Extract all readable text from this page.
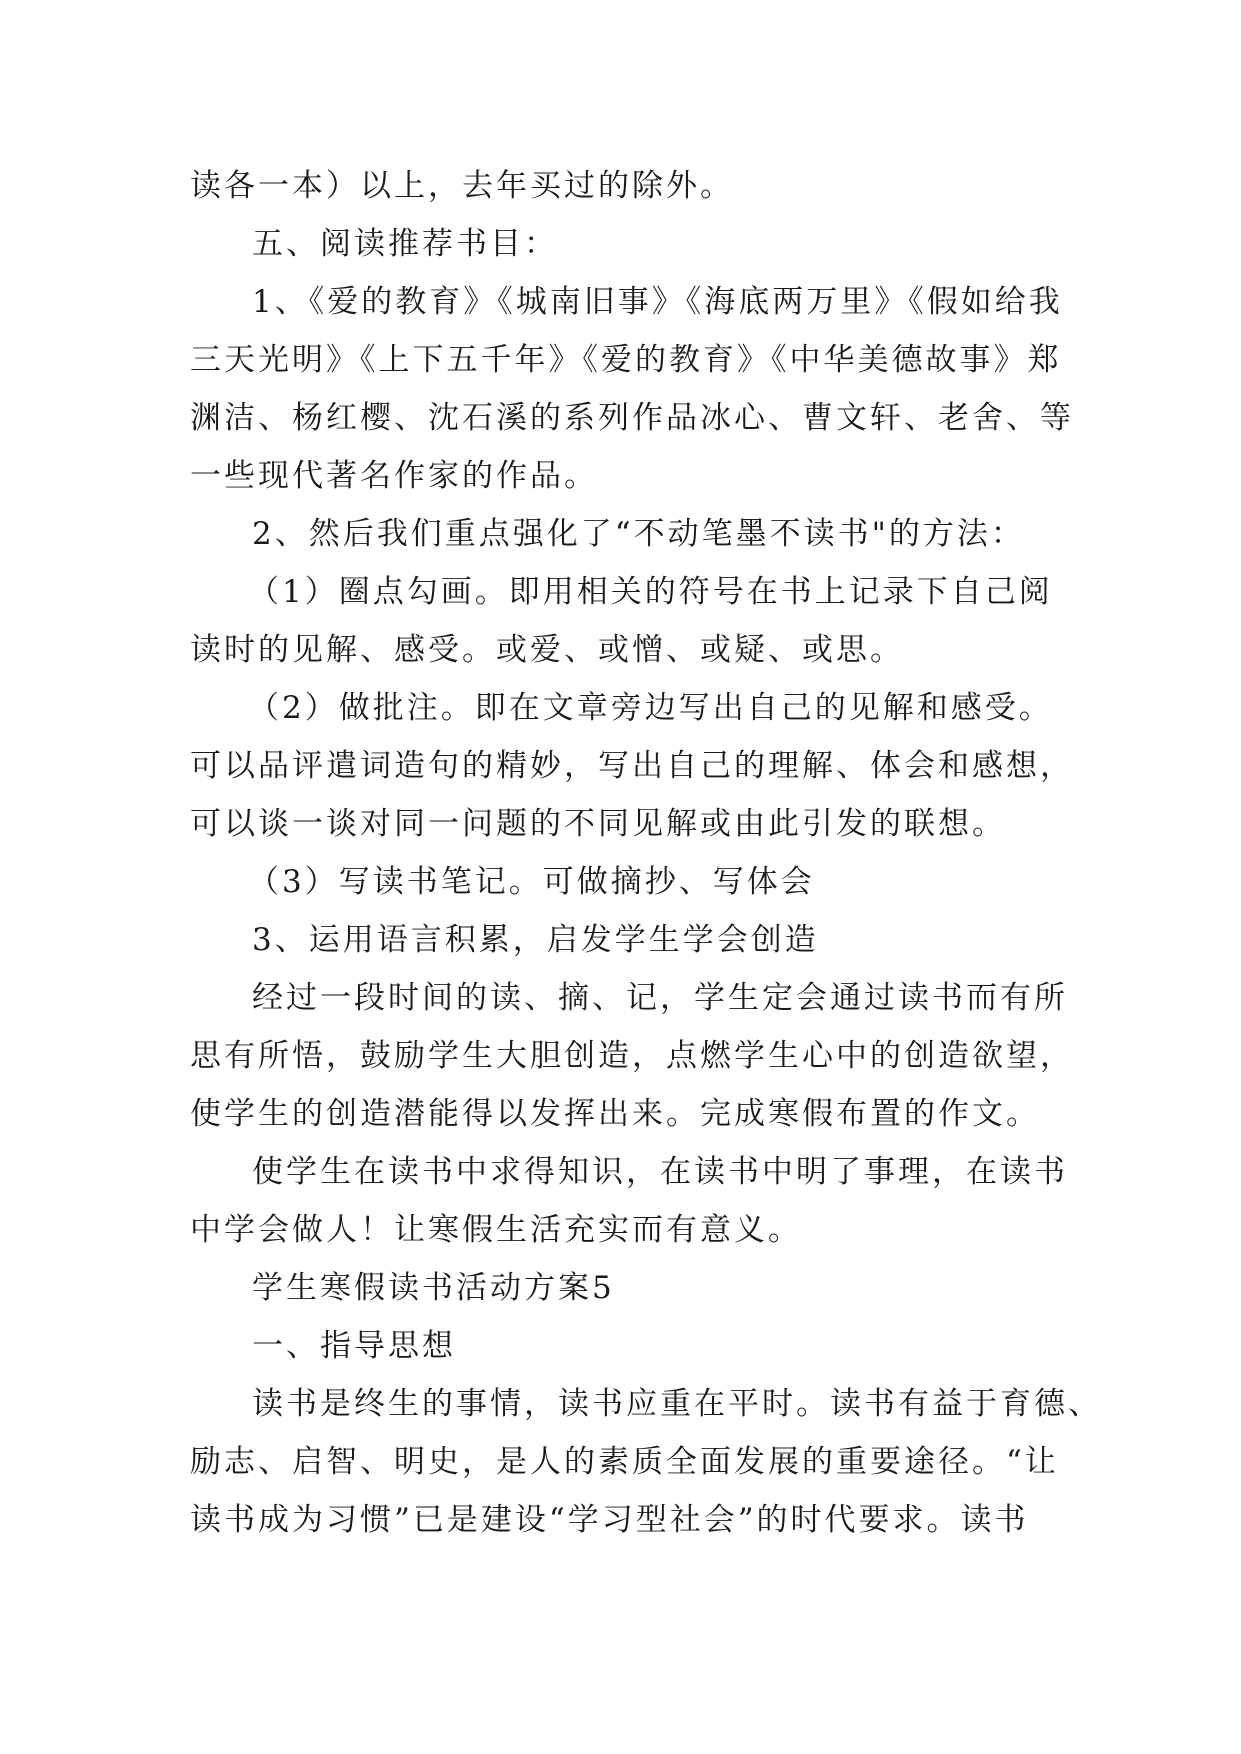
读各一本）以上，去年买过的除外。
五、阅读推荐书目：
1、《爱的教育》《城南旧事》《海底两万里》《假如给我
三天光明》《上下五千年》《爱的教育》《中华美德故事》郑
渊洁、杨红樱、沈石溪的系列作品冰心、曹文轩、老舍、等
一些现代著名作家的作品。
2、然后我们重点强化了“不动笔墨不读书"的方法：
（1）圈点勾画。即用相关的符号在书上记录下自己阅
读时的见解、感受。或爱、或憎、或疑、或思。
（2）做批注。即在文章旁边写出自己的见解和感受。
可以品评遣词造句的精妙，写出自己的理解、体会和感想，
可以谈一谈对同一问题的不同见解或由此引发的联想。
（3）写读书笔记。可做摘抄、写体会
3、运用语言积累，启发学生学会创造
经过一段时间的读、摘、记，学生定会通过读书而有所
思有所悟，鼓励学生大胆创造，点燃学生心中的创造欲望，
使学生的创造潜能得以发挥出来。完成寒假布置的作文。
使学生在读书中求得知识，在读书中明了事理，在读书
中学会做人！让寒假生活充实而有意义。
学生寒假读书活动方案5
一、指导思想
读书是终生的事情，读书应重在平时。读书有益于育德、
励志、启智、明史，是人的素质全面发展的重要途径。“让
读书成为习惯”已是建设“学习型社会”的时代要求。读书
